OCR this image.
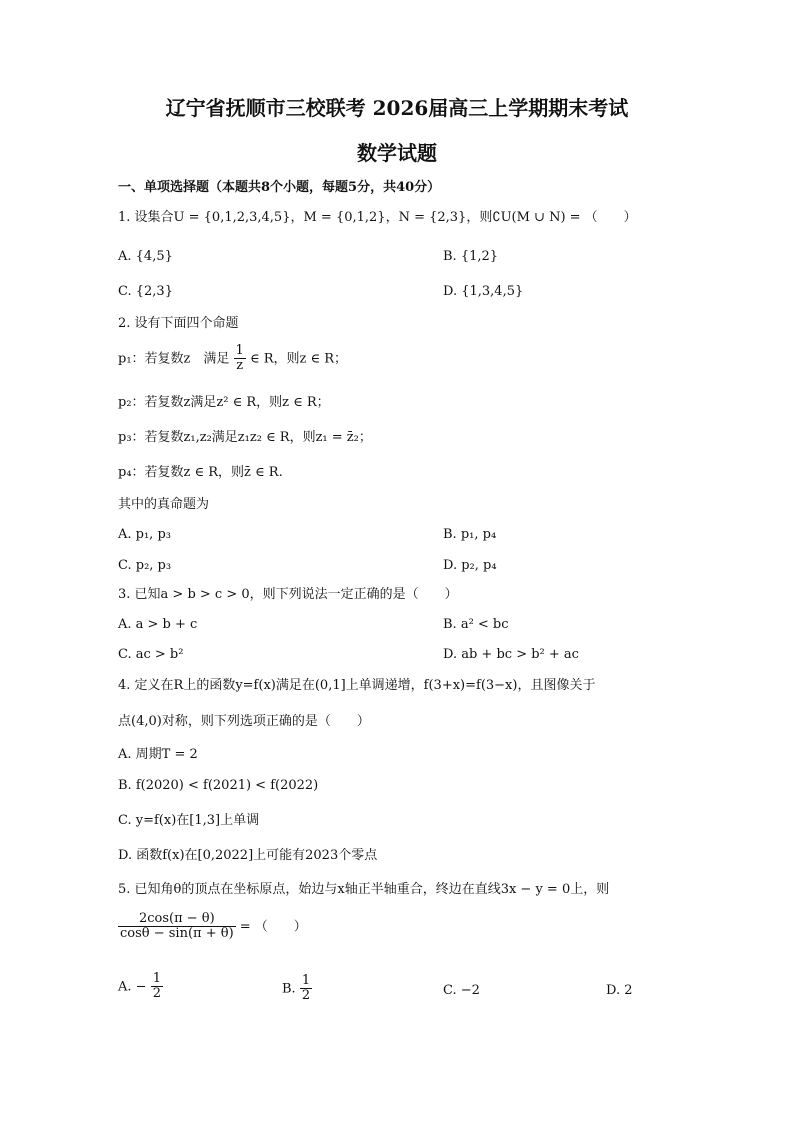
辽宁省抚顺市三校联考 2026届高三上学期期末考试
数学试题
一、单项选择题（本题共8个小题，每题5分，共40分）
1. 设集合U = {0,1,2,3,4,5}，M = {0,1,2}，N = {2,3}，则∁U(M ∪ N) = （　　）
A. {4,5}	B. {1,2}
C. {2,3}	D. {1,3,4,5}
2. 设有下面四个命题
p₁：若复数z　满足 $\frac{1}{z}$ ∈ R，则z ∈ R；
p₂：若复数z满足z² ∈ R，则z ∈ R；
p₃：若复数z₁,z₂满足z₁z₂ ∈ R，则z₁ = z̄₂；
p₄：若复数z ∈ R，则z̄ ∈ R.
其中的真命题为
A. p₁, p₃	B. p₁, p₄
C. p₂, p₃	D. p₂, p₄
3. 已知a > b > c > 0，则下列说法一定正确的是（　　）
A. a > b + c	B. a² < bc
C. ac > b²	D. ab + bc > b² + ac
4. 定义在R上的函数y=f(x)满足在(0,1]上单调递增，f(3+x)=f(3−x)，且图像关于
点(4,0)对称，则下列选项正确的是（　　）
A. 周期T = 2
B. f(2020) < f(2021) < f(2022)
C. y=f(x)在[1,3]上单调
D. 函数f(x)在[0,2022]上可能有2023个零点
5. 已知角θ的顶点在坐标原点，始边与x轴正半轴重合，终边在直线3x − y = 0上，则
$\frac{2\cos(\pi - \theta)}{\cos\theta - \sin(\pi + \theta)}$ = （　　）
A. − $\frac{1}{2}$	B. $\frac{1}{2}$	C. −2	D. 2
